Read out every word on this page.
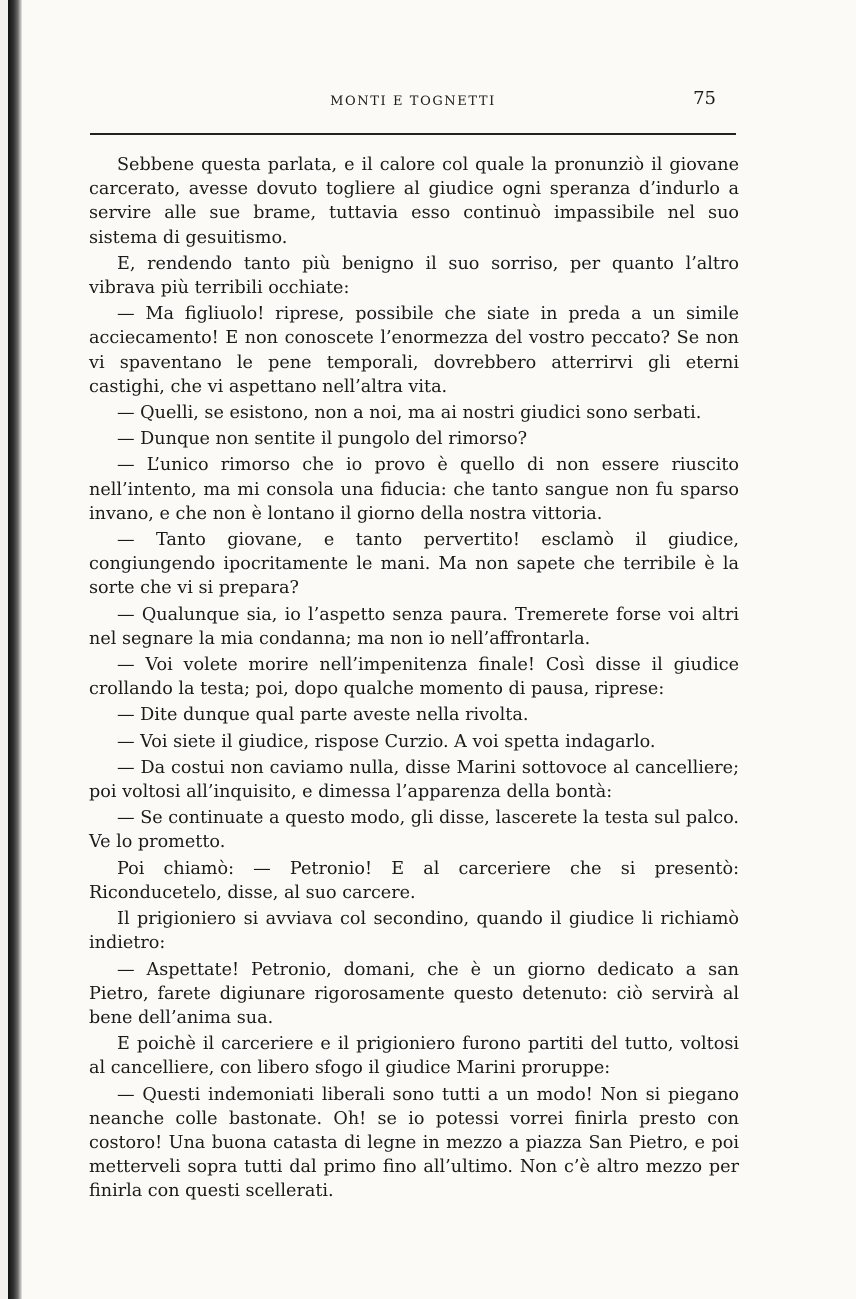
MONTI E TOGNETTI	75

Sebbene questa parlata, e il calore col quale la pronunziò il giovane carcerato, avesse dovuto togliere al giudice ogni speranza d’indurlo a servire alle sue brame, tuttavia esso continuò impassibile nel suo sistema di gesuitismo.

E, rendendo tanto più benigno il suo sorriso, per quanto l’altro vibrava più terribili occhiate:

— Ma figliuolo! riprese, possibile che siate in preda a un simile acciecamento! E non conoscete l’enormezza del vostro peccato? Se non vi spaventano le pene temporali, dovrebbero atterrirvi gli eterni castighi, che vi aspettano nell’altra vita.

— Quelli, se esistono, non a noi, ma ai nostri giudici sono serbati.

— Dunque non sentite il pungolo del rimorso?

— L’unico rimorso che io provo è quello di non essere riuscito nell’intento, ma mi consola una fiducia: che tanto sangue non fu sparso invano, e che non è lontano il giorno della nostra vittoria.

— Tanto giovane, e tanto pervertito! esclamò il giudice, congiungendo ipocritamente le mani. Ma non sapete che terribile è la sorte che vi si prepara?

— Qualunque sia, io l’aspetto senza paura. Tremerete forse voi altri nel segnare la mia condanna; ma non io nell’affrontarla.

— Voi volete morire nell’impenitenza finale! Così disse il giudice crollando la testa; poi, dopo qualche momento di pausa, riprese:

— Dite dunque qual parte aveste nella rivolta.

— Voi siete il giudice, rispose Curzio. A voi spetta indagarlo.

— Da costui non caviamo nulla, disse Marini sottovoce al cancelliere; poi voltosi all’inquisito, e dimessa l’apparenza della bontà:

— Se continuate a questo modo, gli disse, lascerete la testa sul palco. Ve lo prometto.

Poi chiamò: — Petronio! E al carceriere che si presentò: Riconducetelo, disse, al suo carcere.

Il prigioniero si avviava col secondino, quando il giudice li richiamò indietro:

— Aspettate! Petronio, domani, che è un giorno dedicato a san Pietro, farete digiunare rigorosamente questo detenuto: ciò servirà al bene dell’anima sua.

E poichè il carceriere e il prigioniero furono partiti del tutto, voltosi al cancelliere, con libero sfogo il giudice Marini proruppe:

— Questi indemoniati liberali sono tutti a un modo! Non si piegano neanche colle bastonate. Oh! se io potessi vorrei finirla presto con costoro! Una buona catasta di legne in mezzo a piazza San Pietro, e poi metterveli sopra tutti dal primo fino all’ultimo. Non c’è altro mezzo per finirla con questi scellerati.
